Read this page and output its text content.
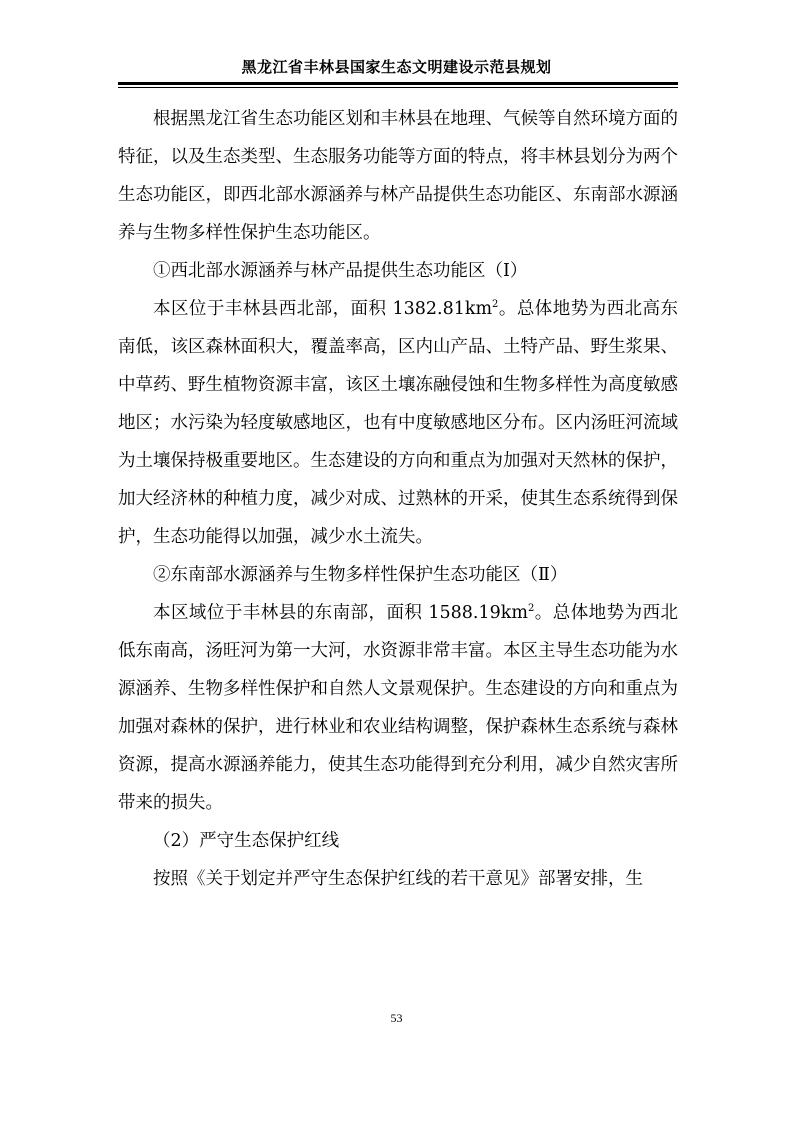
黑龙江省丰林县国家生态文明建设示范县规划

根据黑龙江省生态功能区划和丰林县在地理、气候等自然环境方面的特征，以及生态类型、生态服务功能等方面的特点，将丰林县划分为两个生态功能区，即西北部水源涵养与林产品提供生态功能区、东南部水源涵养与生物多样性保护生态功能区。

①西北部水源涵养与林产品提供生态功能区（Ⅰ）

本区位于丰林县西北部，面积 $1382.81km^2$。总体地势为西北高东南低，该区森林面积大，覆盖率高，区内山产品、土特产品、野生浆果、中草药、野生植物资源丰富，该区土壤冻融侵蚀和生物多样性为高度敏感地区；水污染为轻度敏感地区，也有中度敏感地区分布。区内汤旺河流域为土壤保持极重要地区。生态建设的方向和重点为加强对天然林的保护，加大经济林的种植力度，减少对成、过熟林的开采，使其生态系统得到保护，生态功能得以加强，减少水土流失。

②东南部水源涵养与生物多样性保护生态功能区（Ⅱ）

本区域位于丰林县的东南部，面积 $1588.19km^2$。总体地势为西北低东南高，汤旺河为第一大河，水资源非常丰富。本区主导生态功能为水源涵养、生物多样性保护和自然人文景观保护。生态建设的方向和重点为加强对森林的保护，进行林业和农业结构调整，保护森林生态系统与森林资源，提高水源涵养能力，使其生态功能得到充分利用，减少自然灾害所带来的损失。

（2）严守生态保护红线

按照《关于划定并严守生态保护红线的若干意见》部署安排，生

53
